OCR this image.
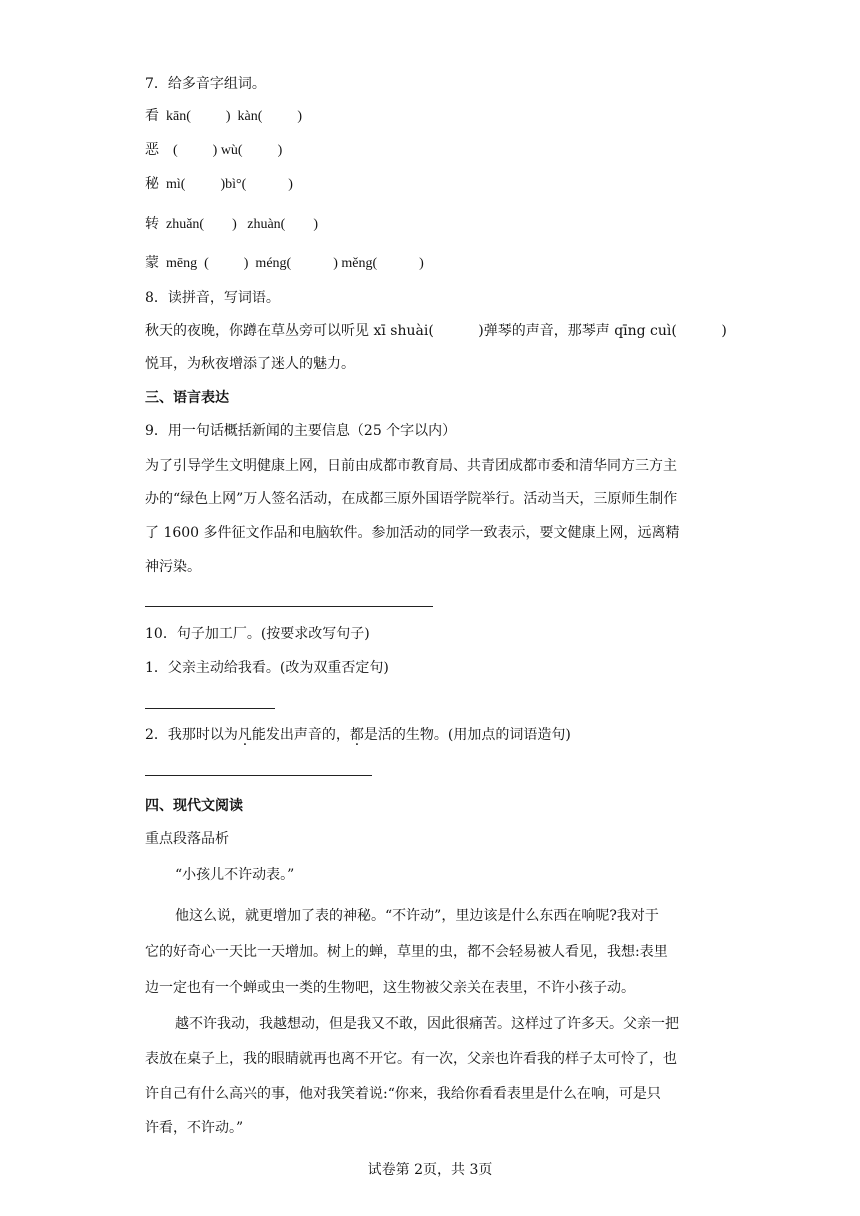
7．给多音字组词。
看  kān(          )  kàn(          )
恶    (          ) wù(          )
秘  mì(          )bì°(            )
转  zhuǎn(        )   zhuàn(        )
蒙  mēng  (          )  méng(            ) měng(            )
8．读拼音，写词语。
秋天的夜晚，你蹲在草丛旁可以听见 xī shuài(          )弹琴的声音，那琴声 qīng cuì(          )
悦耳，为秋夜增添了迷人的魅力。
三、语言表达
9．用一句话概括新闻的主要信息（25 个字以内）
为了引导学生文明健康上网，日前由成都市教育局、共青团成都市委和清华同方三方主
办的“绿色上网”万人签名活动，在成都三原外国语学院举行。活动当天，三原师生制作
了 1600 多件征文作品和电脑软件。参加活动的同学一致表示，要文健康上网，远离精
神污染。
10．句子加工厂。(按要求改写句子)
1．父亲主动给我看。(改为双重否定句)
2．我那时以为凡能发出声音的，都是活的生物。(用加点的词语造句)
四、现代文阅读
重点段落品析
“小孩儿不许动表。”
他这么说，就更增加了表的神秘。“不许动”，里边该是什么东西在响呢?我对于
它的好奇心一天比一天增加。树上的蝉，草里的虫，都不会轻易被人看见，我想:表里
边一定也有一个蝉或虫一类的生物吧，这生物被父亲关在表里，不许小孩子动。
越不许我动，我越想动，但是我又不敢，因此很痛苦。这样过了许多天。父亲一把
表放在桌子上，我的眼睛就再也离不开它。有一次，父亲也许看我的样子太可怜了，也
许自己有什么高兴的事，他对我笑着说:“你来，我给你看看表里是什么在响，可是只
许看，不许动。”
试卷第 2页，共 3页
